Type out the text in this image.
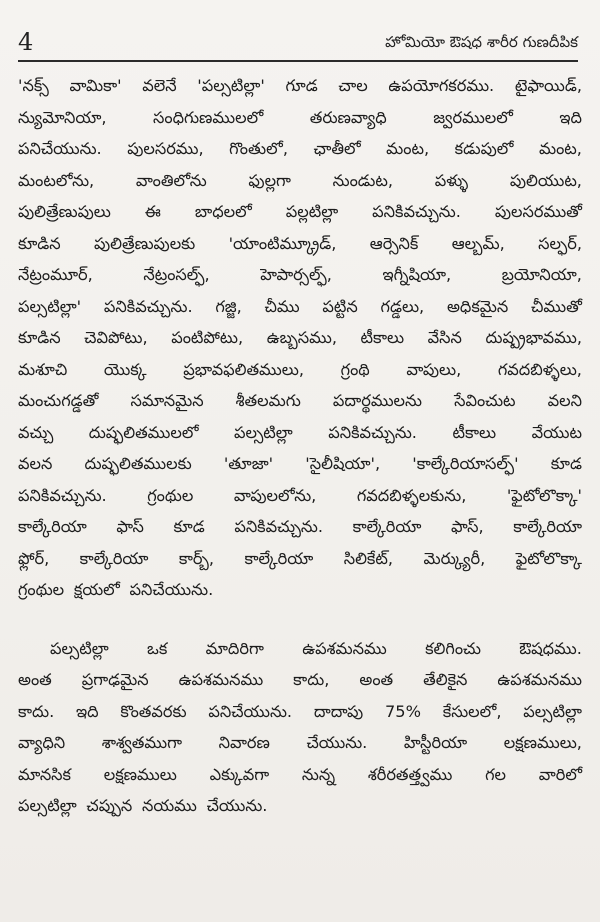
4	హోమియో ఔషధ శారీర గుణదీపిక
'నక్స్ వామికా' వలెనే 'పల్సటిల్లా' గూడ చాల ఉపయోగకరము. టైఫాయిడ్,
న్యుమోనియా,	సంధిగుణములలో	తరుణవ్యాధి	జ్వరములలో	ఇది
పనిచేయును. పులసరము, గొంతులో, ఛాతీలో మంట, కడుపులో మంట,
మంటలోను,	వాంతిలోను	ఫుల్లగా	నుండుట,	పళ్ళు	పులియుట,
పులిత్రేణుపులు ఈ బాధలలో పల్లటిల్లా పనికివచ్చును. పులసరముతో
కూడిన పులిత్రేణుపులకు 'యాంటిమ్క్రూడ్, ఆర్సెనిక్ ఆల్బమ్, సల్ఫర్,
నేట్రంమూర్,	నేట్రంసల్ఫ్,	హెపార్సల్ఫ్,	ఇగ్నీషియా,	బ్రయోనియా,
పల్సటిల్లా' పనికివచ్చును. గజ్జి, చీము పట్టిన గడ్డలు, అధికమైన చీముతో
కూడిన చెవిపోటు, పంటిపోటు, ఉబ్బసము, టీకాలు వేసిన దుష్ప్రభావము,
మశూచి యొక్క ప్రభావఫలితములు, గ్రంథి వాపులు, గవదబిళ్ళలు,
మంచుగడ్డతో సమానమైన శీతలమగు పదార్థములను సేవించుట వలని
వచ్చు దుష్ఫలితములలో పల్సటిల్లా పనికివచ్చును. టీకాలు వేయుట
వలన దుష్ఫలితములకు 'తూజా' 'సైలీషియా', 'కాల్కేరియాసల్ఫ్' కూడ
పనికివచ్చును.	గ్రంథుల	వాపులలోను,	గవదబిళ్ళలకును,	'ఫైటోలొక్కా'
కాల్కేరియా ఫాస్ కూడ పనికివచ్చును. కాల్కేరియా ఫాస్, కాల్కేరియా
ఫ్లోర్, కాల్కేరియా కార్బ్, కాల్కేరియా సిలికేట్, మెర్క్యురీ, ఫైటోలొక్కా
గ్రంథుల క్షయలో పనిచేయును.
పల్సటిల్లా ఒక మాదిరిగా ఉపశమనము కలిగించు ఔషధము.
అంత ప్రగాఢమైన ఉపశమనము కాదు, అంత తేలికైన ఉపశమనము
కాదు. ఇది కొంతవరకు పనిచేయును. దాదాపు 75% కేసులలో, పల్సటిల్లా
వ్యాధిని శాశ్వతముగా నివారణ చేయును. హిస్టీరియా లక్షణములు,
మానసిక లక్షణములు ఎక్కువగా నున్న శరీరతత్త్వము గల వారిలో
పల్సటిల్లా చప్పున నయము చేయును.
